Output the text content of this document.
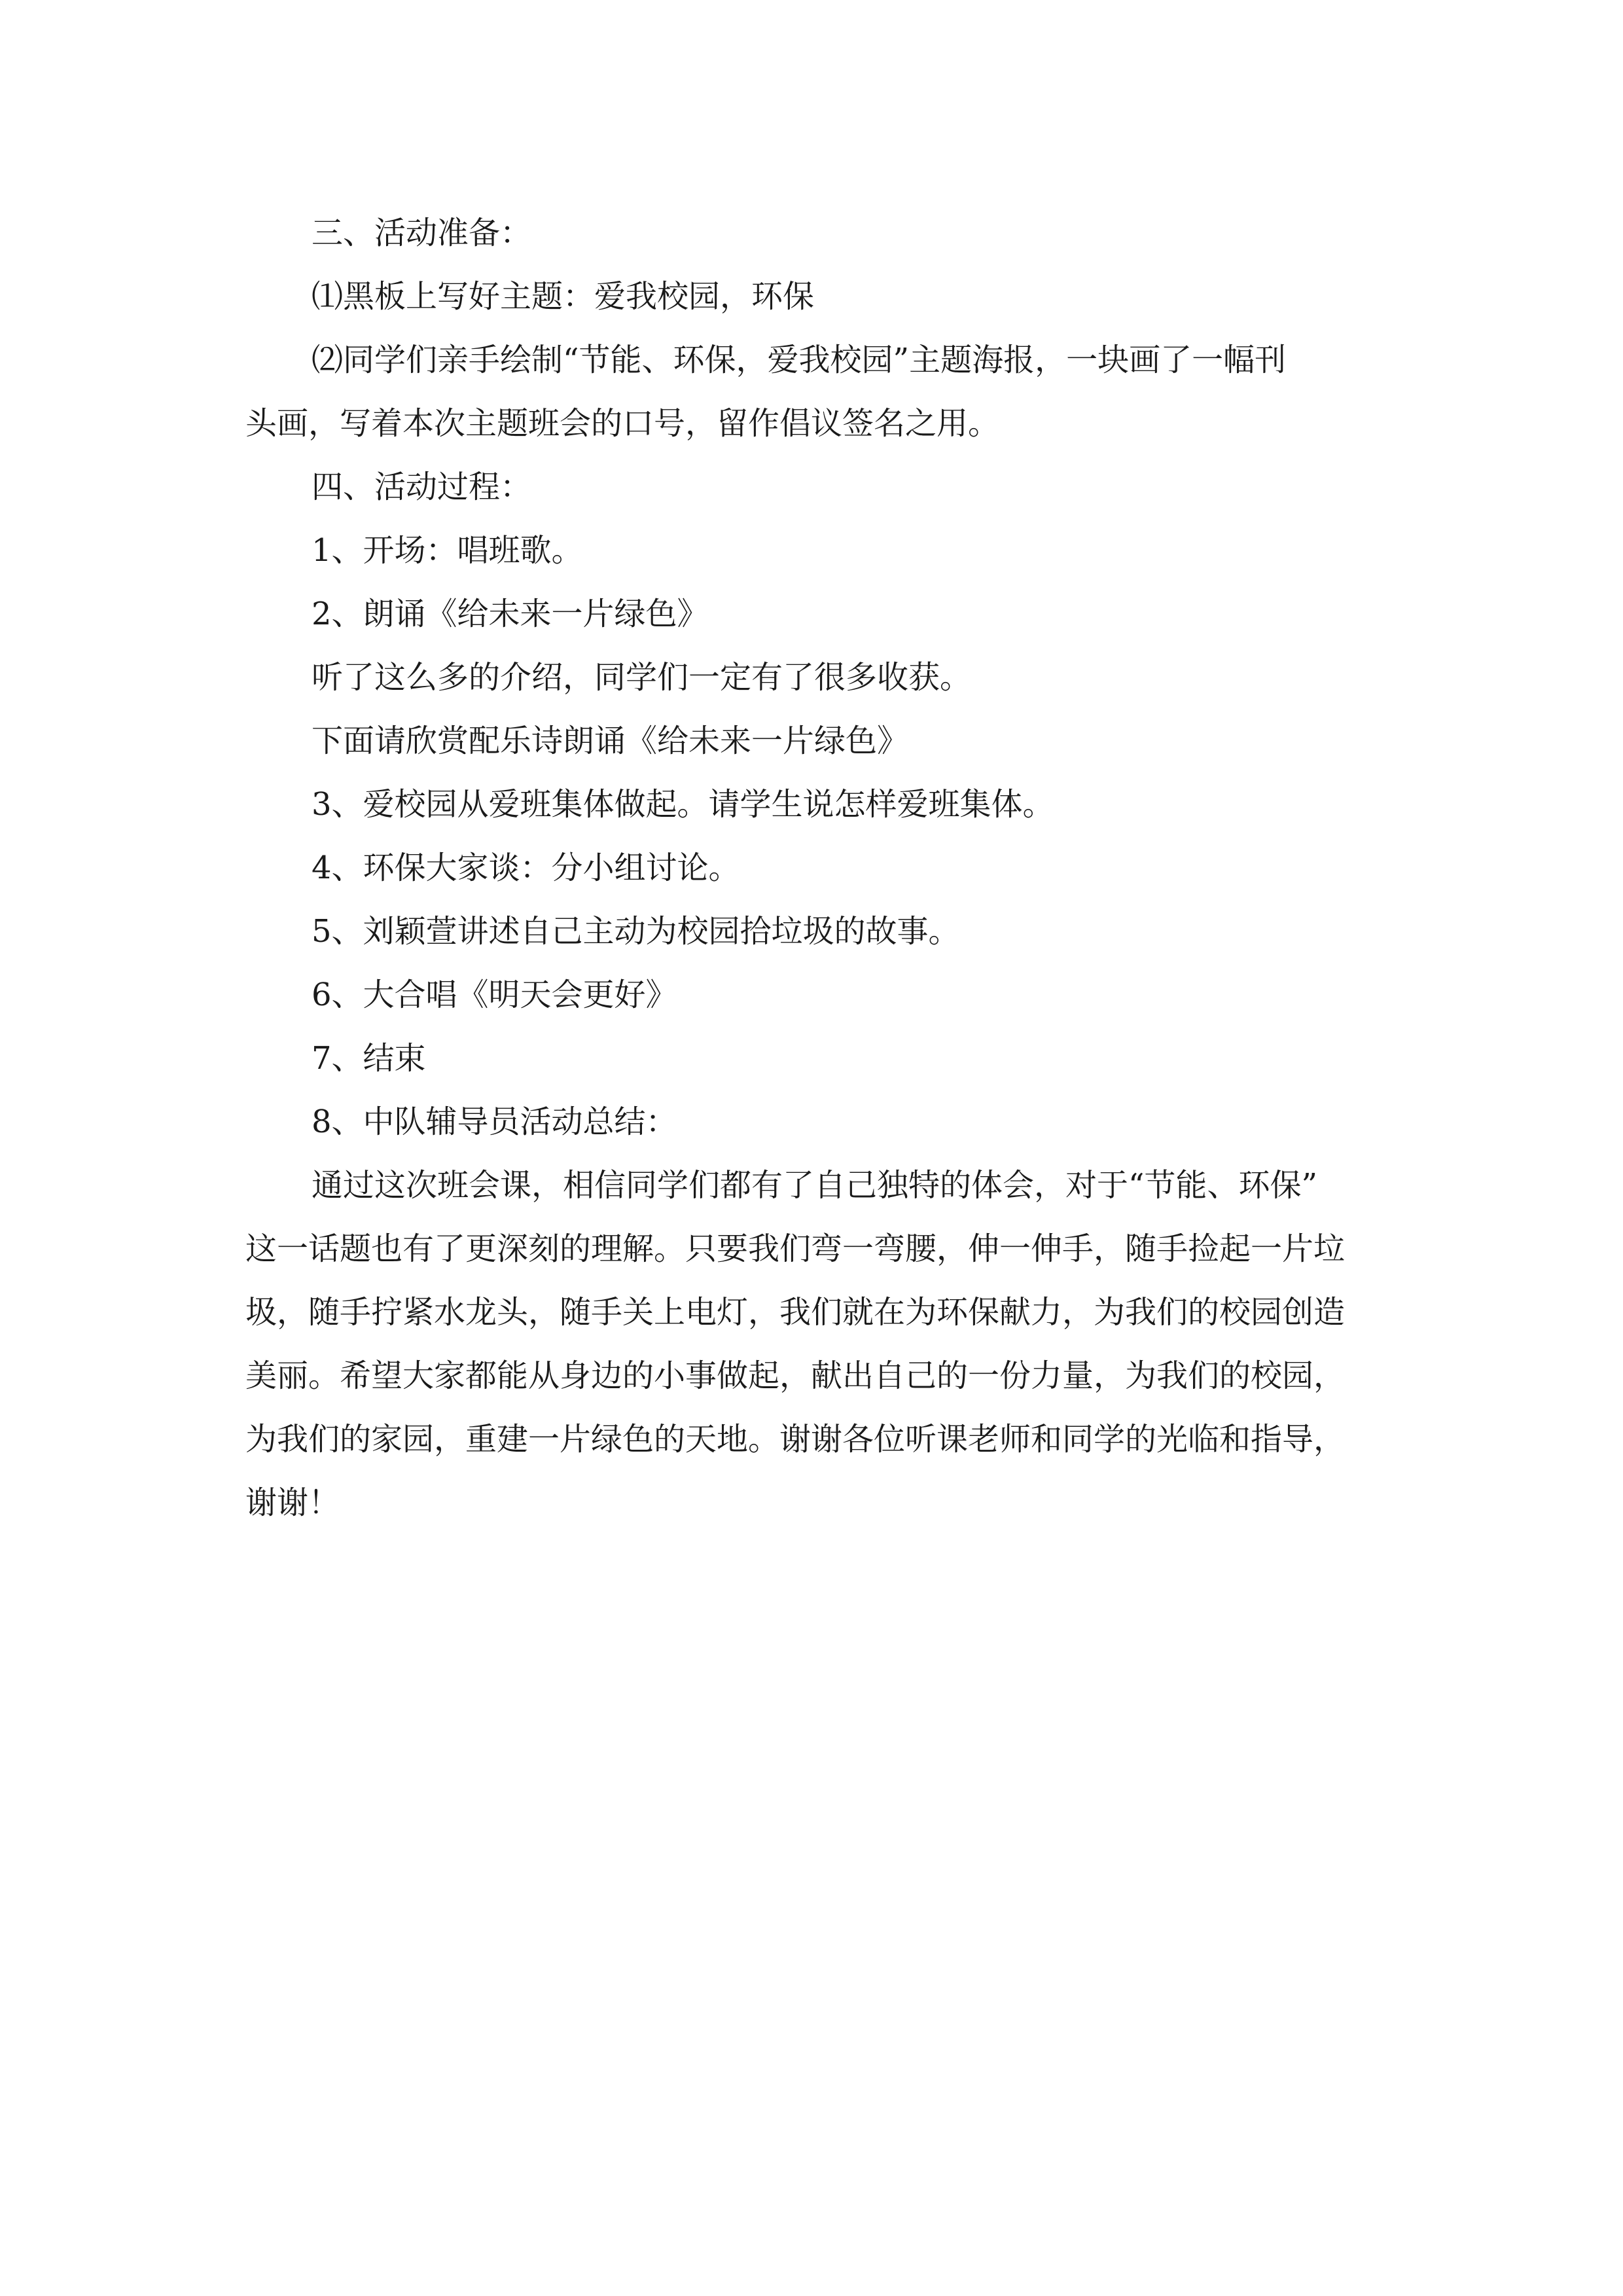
三、活动准备：

⑴黑板上写好主题：爱我校园，环保

⑵同学们亲手绘制“节能、环保，爱我校园”主题海报，一块画了一幅刊

头画，写着本次主题班会的口号，留作倡议签名之用。

四、活动过程：

1、开场：唱班歌。

2、朗诵《给未来一片绿色》

听了这么多的介绍，同学们一定有了很多收获。

下面请欣赏配乐诗朗诵《给未来一片绿色》

3、爱校园从爱班集体做起。请学生说怎样爱班集体。

4、环保大家谈：分小组讨论。

5、刘颖萱讲述自己主动为校园拾垃圾的故事。

6、大合唱《明天会更好》

7、结束

8、中队辅导员活动总结：

通过这次班会课，相信同学们都有了自己独特的体会，对于“节能、环保”

这一话题也有了更深刻的理解。只要我们弯一弯腰，伸一伸手，随手捡起一片垃

圾，随手拧紧水龙头，随手关上电灯，我们就在为环保献力，为我们的校园创造

美丽。希望大家都能从身边的小事做起，献出自己的一份力量，为我们的校园，

为我们的家园，重建一片绿色的天地。谢谢各位听课老师和同学的光临和指导，

谢谢！
